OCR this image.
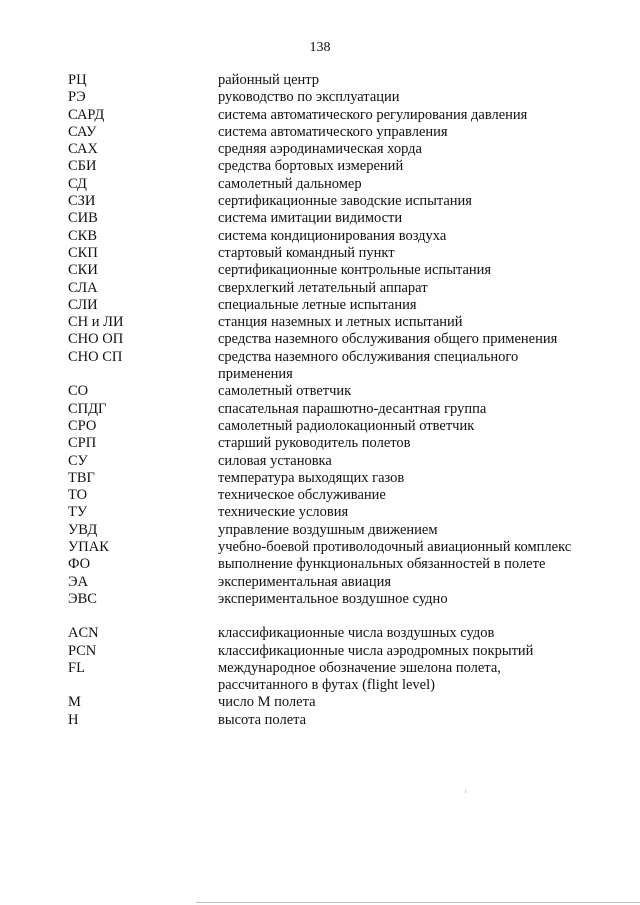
138
РЦ	районный центр
РЭ	руководство по эксплуатации
САРД	система автоматического регулирования давления
САУ	система автоматического управления
САХ	средняя аэродинамическая хорда
СБИ	средства бортовых измерений
СД	самолетный дальномер
СЗИ	сертификационные заводские испытания
СИВ	система имитации видимости
СКВ	система кондиционирования воздуха
СКП	стартовый командный пункт
СКИ	сертификационные контрольные испытания
СЛА	сверхлегкий летательный аппарат
СЛИ	специальные летные испытания
СН и ЛИ	станция наземных и летных испытаний
СНО ОП	средства наземного обслуживания общего применения
СНО СП	средства наземного обслуживания специального
применения
СО	самолетный ответчик
СПДГ	спасательная парашютно-десантная группа
СРО	самолетный радиолокационный ответчик
СРП	старший руководитель полетов
СУ	силовая установка
ТВГ	температура выходящих газов
ТО	техническое обслуживание
ТУ	технические условия
УВД	управление воздушным движением
УПАК	учебно-боевой противолодочный авиационный комплекс
ФО	выполнение функциональных обязанностей в полете
ЭА	экспериментальная авиация
ЭВС	экспериментальное воздушное судно
ACN	классификационные числа воздушных судов
PCN	классификационные числа аэродромных покрытий
FL	международное обозначение эшелона полета,
рассчитанного в футах (flight level)
M	число М полета
H	высота полета
